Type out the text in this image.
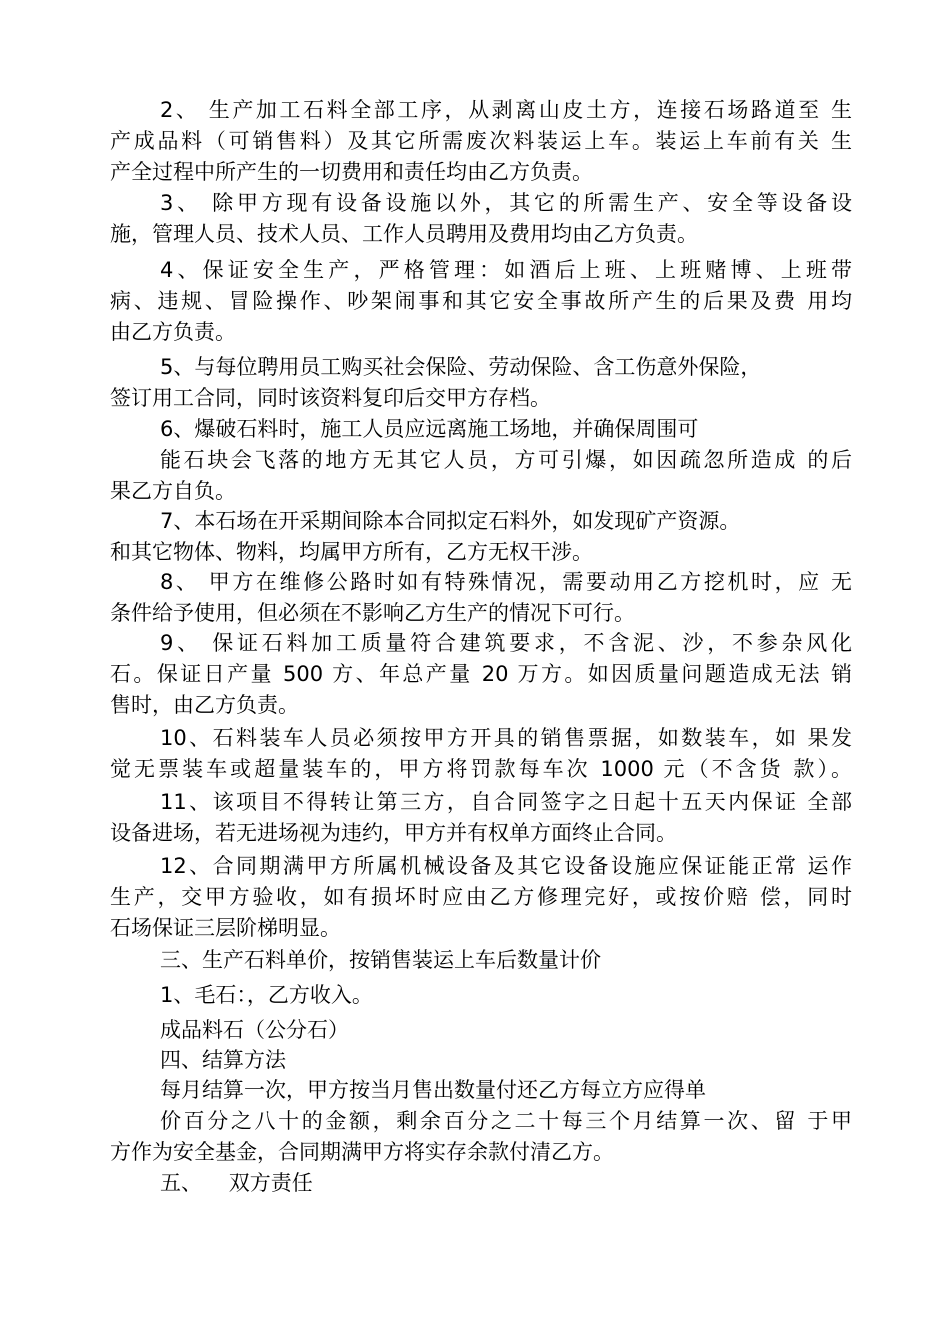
2、 生产加工石料全部工序，从剥离山皮土方，连接石场路道至 生
产成品料（可销售料）及其它所需废次料装运上车。装运上车前有关 生
产全过程中所产生的一切费用和责任均由乙方负责。
3、 除甲方现有设备设施以外，其它的所需生产、安全等设备设
施，管理人员、技术人员、工作人员聘用及费用均由乙方负责。
4、保证安全生产，严格管理：如酒后上班、上班赌博、上班带
病、违规、冒险操作、吵架闹事和其它安全事故所产生的后果及费 用均
由乙方负责。
5、与每位聘用员工购买社会保险、劳动保险、含工伤意外保险，
签订用工合同，同时该资料复印后交甲方存档。
6、爆破石料时，施工人员应远离施工场地，并确保周围可
能石块会飞落的地方无其它人员，方可引爆，如因疏忽所造成 的后
果乙方自负。
7、本石场在开采期间除本合同拟定石料外，如发现矿产资源。
和其它物体、物料，均属甲方所有，乙方无权干涉。
8、 甲方在维修公路时如有特殊情况，需要动用乙方挖机时，应 无
条件给予使用，但必须在不影响乙方生产的情况下可行。
9、 保证石料加工质量符合建筑要求，不含泥、沙，不参杂风化
石。保证日产量 500 方、年总产量 20 万方。如因质量问题造成无法 销
售时，由乙方负责。
10、石料装车人员必须按甲方开具的销售票据，如数装车，如 果发
觉无票装车或超量装车的，甲方将罚款每车次 1000 元（不含货 款）。
11、该项目不得转让第三方，自合同签字之日起十五天内保证 全部
设备进场，若无进场视为违约，甲方并有权单方面终止合同。
12、合同期满甲方所属机械设备及其它设备设施应保证能正常 运作
生产，交甲方验收，如有损坏时应由乙方修理完好，或按价赔 偿，同时
石场保证三层阶梯明显。
三、生产石料单价，按销售装运上车后数量计价
1、毛石：，乙方收入。
成品料石（公分石）
四、结算方法
每月结算一次，甲方按当月售出数量付还乙方每立方应得单
价百分之八十的金额，剩余百分之二十每三个月结算一次、留 于甲
方作为安全基金，合同期满甲方将实存余款付清乙方。
五、    双方责任
